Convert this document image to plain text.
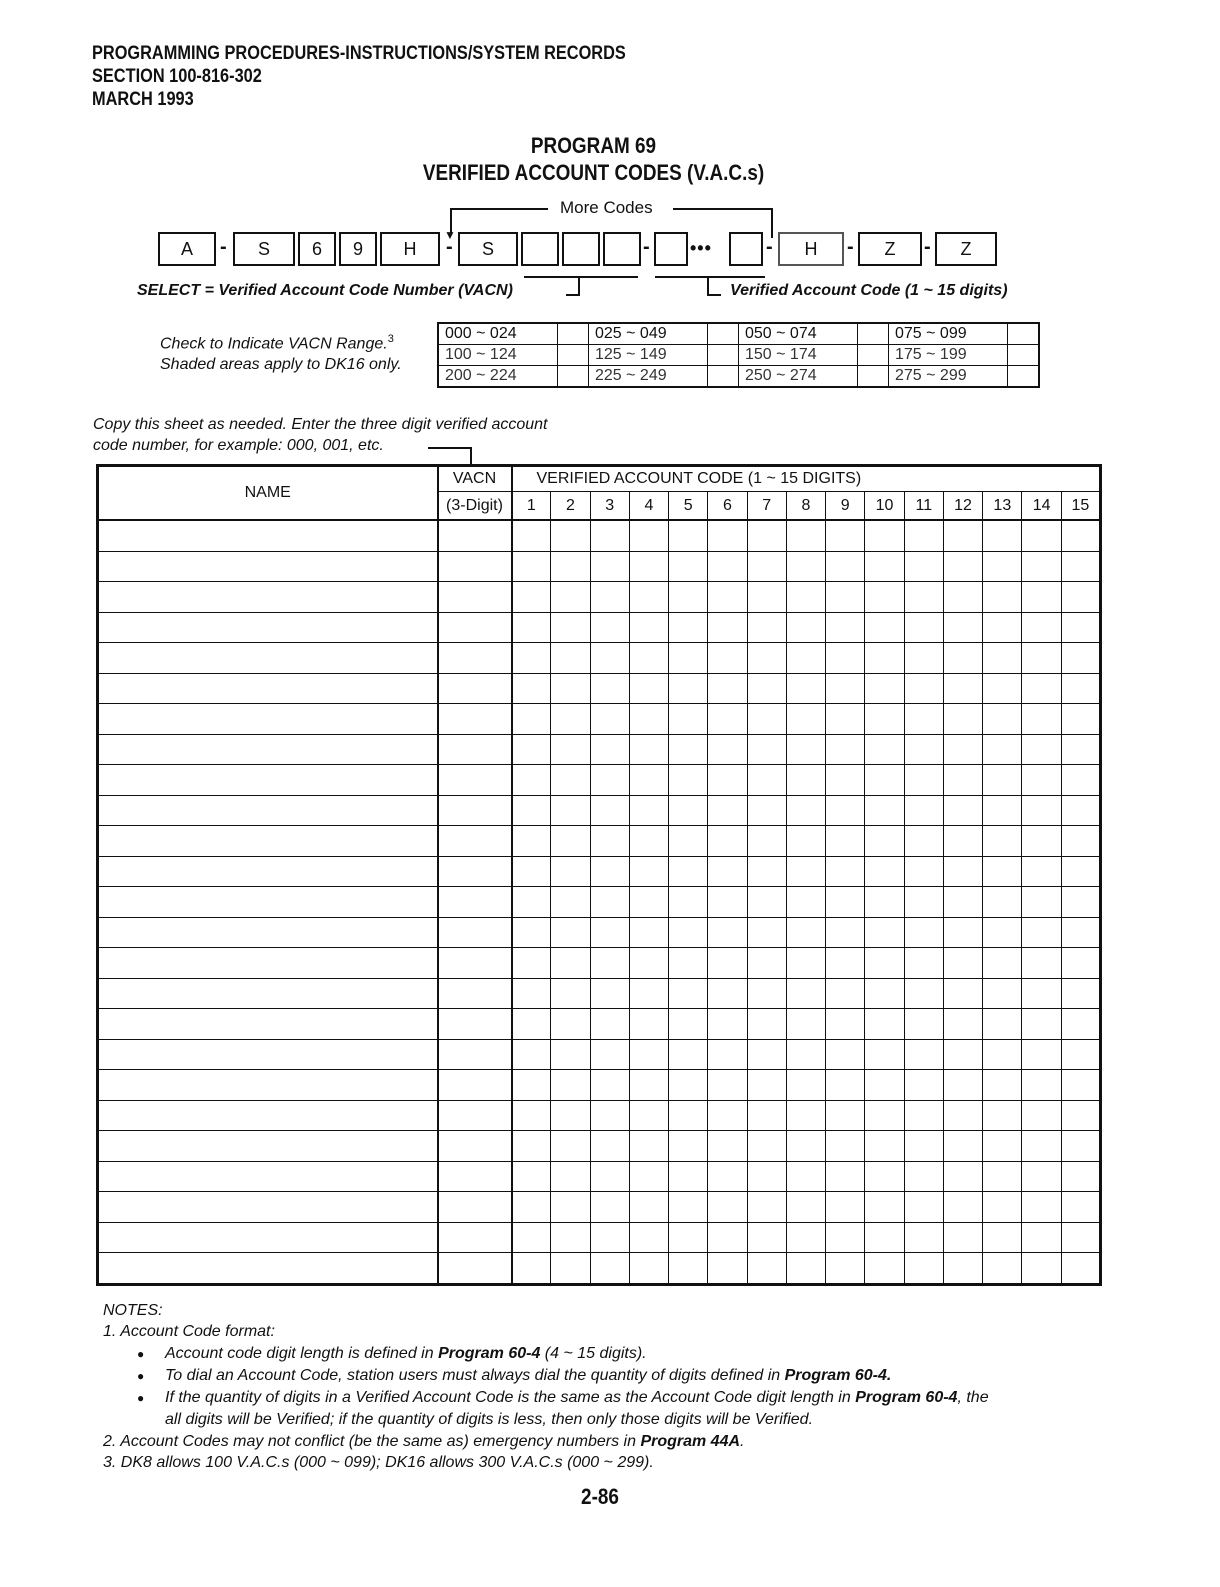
PROGRAMMING PROCEDURES-INSTRUCTIONS/SYSTEM RECORDS
SECTION 100-816-302
MARCH 1993
PROGRAM 69
VERIFIED ACCOUNT CODES (V.A.C.s)
More Codes
▼
A	-	S	6	9	H	-	S	- •••	-	H	-	Z	-	Z
SELECT = Verified Account Code Number (VACN)	Verified Account Code (1 ~ 15 digits)
Check to Indicate VACN Range.$^3$
Shaded areas apply to DK16 only.
000 ~ 024		025 ~ 049		050 ~ 074		075 ~ 099	
100 ~ 124		125 ~ 149		150 ~ 174		175 ~ 199	
200 ~ 224		225 ~ 249		250 ~ 274		275 ~ 299	
Copy this sheet as needed. Enter the three digit verified account
code number, for example: 000, 001, etc.
NAME	VACN	VERIFIED ACCOUNT CODE (1 ~ 15 DIGITS)														
	(3-Digit)	1	2	3	4	5	6	7	8	9	10	11	12	13	14	15

NOTES:
1. Account Code format:
● Account code digit length is defined in Program 60-4 (4 ~ 15 digits).
● To dial an Account Code, station users must always dial the quantity of digits defined in Program 60-4.
● If the quantity of digits in a Verified Account Code is the same as the Account Code digit length in Program 60-4, the
all digits will be Verified; if the quantity of digits is less, then only those digits will be Verified.
2. Account Codes may not conflict (be the same as) emergency numbers in Program 44A.
3. DK8 allows 100 V.A.C.s (000 ~ 099); DK16 allows 300 V.A.C.s (000 ~ 299).
2-86
